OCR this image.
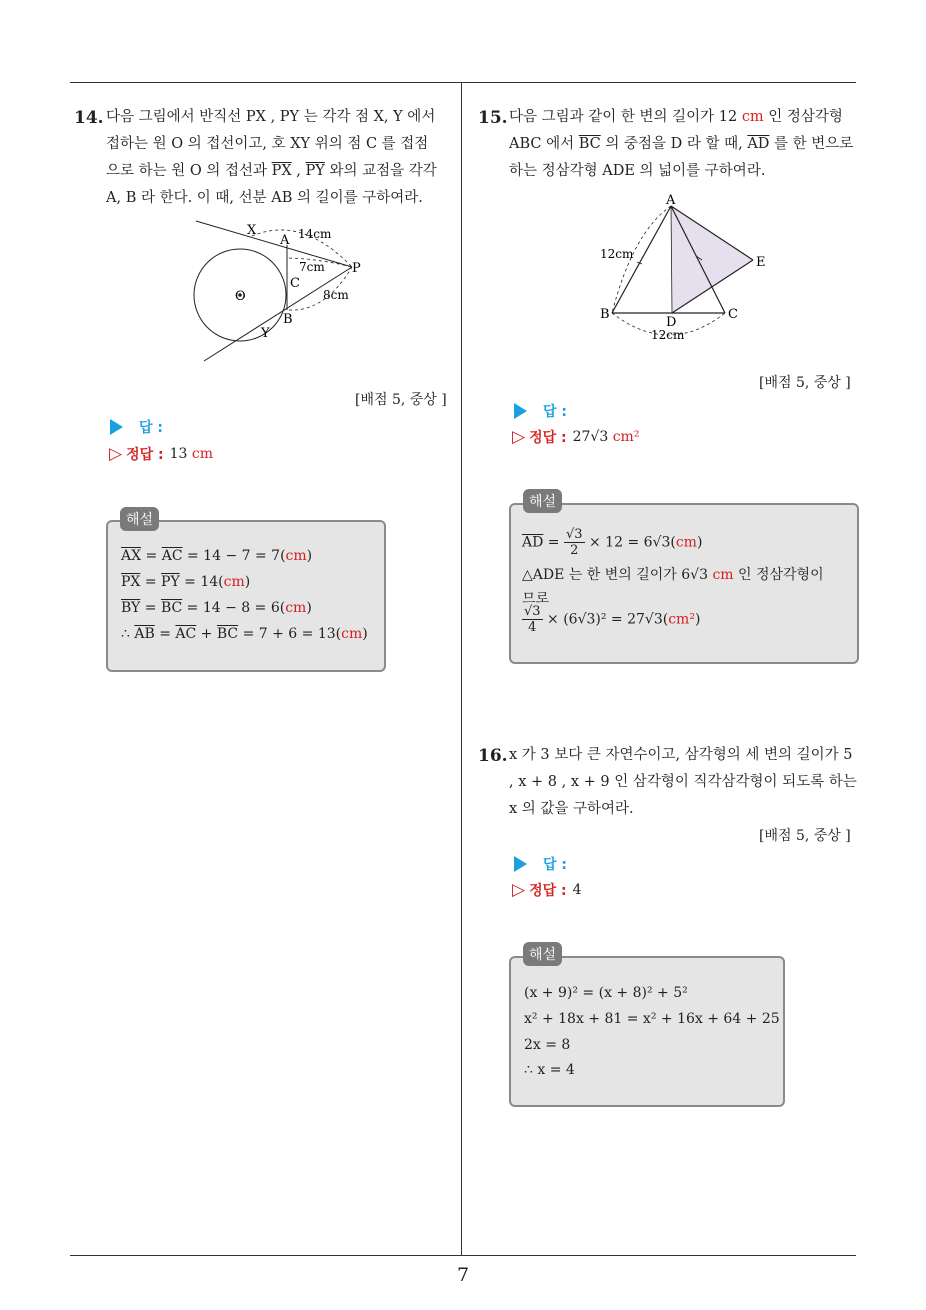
14. 다음 그림에서 반직선 PX , PY 는 각각 점 X, Y 에서
접하는 원 O 의 접선이고, 호 XY 위의 점 C 를 접점
으로 하는 원 O 의 접선과 $\overline{PX}$ , $\overline{PY}$ 와의 교점을 각각
A, B 라 한다. 이 때, 선분 AB 의 길이를 구하여라.
X
A
P
C
O
B
Y
14cm
7cm
8cm
[배점 5, 중상 ]
답 :
▷ 정답 : 13
cm
$\overline{AX} = \overline{AC} = 14 - 7 = 7(cm)$
$\overline{PX} = \overline{PY} = 14(cm)$
$\overline{BY} = \overline{BC} = 14 - 8 = 6(cm)$
∴ $\overline{AB} = \overline{AC} + \overline{BC} = 7 + 6 = 13(cm)$
해설
15. 다음 그림과 같이 한 변의 길이가 12 cm 인 정삼각형
ABC 에서 $\overline{BC}$ 의 중점을 D 라 할 때, $\overline{AD}$ 를 한 변으로
하는 정삼각형 ADE 의 넓이를 구하여라.
A
B	C
D
E
12cm
12cm
[배점 5, 중상 ]
답 :
▷ 정답 : 27√3
cm²
$\overline{AD} = \frac{√3}{2} \times 12 = 6√3(cm)$
△ADE 는 한 변의 길이가 6√3 cm 인 정삼각형이
므로
$\frac{√3}{4} \times (6√3)^2 = 27√3(cm^2)$
해설
16. x 가 3 보다 큰 자연수이고, 삼각형의 세 변의 길이가 5
, x + 8 , x + 9 인 삼각형이 직각삼각형이 되도록 하는
x 의 값을 구하여라.
[배점 5, 중상 ]
답 :
▷ 정답 : 4
(x + 9)² = (x + 8)² + 5²
x² + 18x + 81 = x² + 16x + 64 + 25
2x = 8
∴ x = 4
해설
7
